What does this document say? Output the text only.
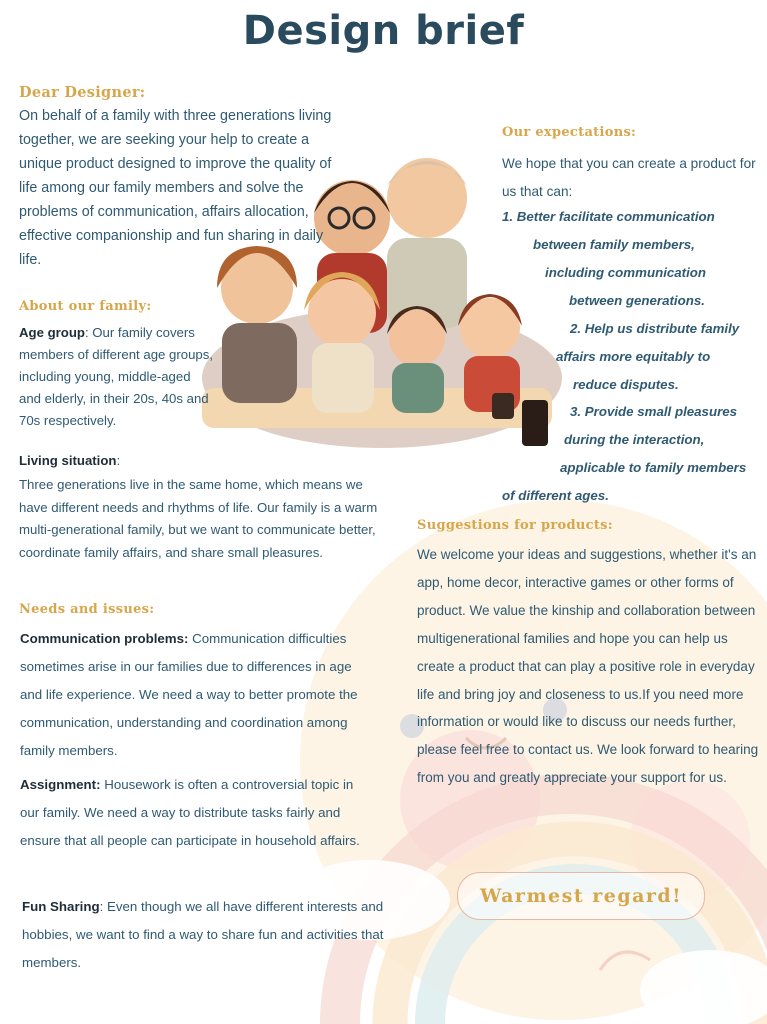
Design brief
Dear Designer:
On behalf of a family with three generations living together, we are seeking your help to create a unique product designed to improve the quality of life among our family members and solve the problems of communication, affairs allocation, effective companionship and fun sharing in daily life.
About our family:
Age group: Our family covers members of different age groups, including young, middle-aged and elderly, in their 20s, 40s and 70s respectively.
Living situation:
Three generations live in the same home, which means we have different needs and rhythms of life. Our family is a warm multi-generational family, but we want to communicate better, coordinate family affairs, and share small pleasures.
Needs and issues:

Communication problems: Communication difficulties sometimes arise in our families due to differences in age and life experience. We need a way to better promote the communication, understanding and coordination among family members.

Assignment: Housework is often a controversial topic in our family. We need a way to distribute tasks fairly and ensure that all people can participate in household affairs.

Fun Sharing: Even though we all have different interests and hobbies, we want to find a way to share fun and activities that members.

Our expectations:
We hope that you can create a product for us that can:
1. Better facilitate communication
between family members,
including communication
between generations.
2. Help us distribute family
affairs more equitably to
reduce disputes.
3. Provide small pleasures
during the interaction,
applicable to family members
of different ages.
Suggestions for products:
We welcome your ideas and suggestions, whether it's an app, home decor, interactive games or other forms of product. We value the kinship and collaboration between multigenerational families and hope you can help us create a product that can play a positive role in everyday life and bring joy and closeness to us.If you need more information or would like to discuss our needs further, please feel free to contact us. We look forward to hearing from you and greatly appreciate your support for us.
Warmest regard!
